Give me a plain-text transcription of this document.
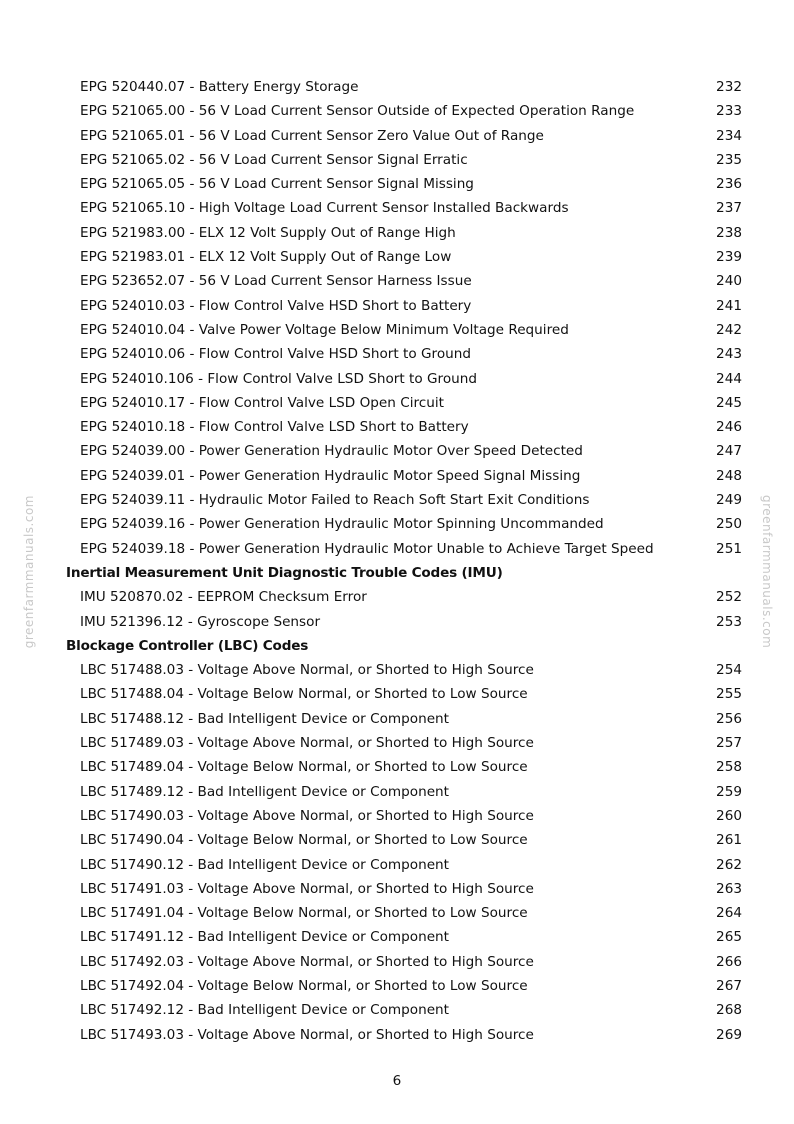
greenfarmmanuals.com	greenfarmmanuals.com
EPG 520440.07 - Battery Energy Storage	232
EPG 521065.00 - 56 V Load Current Sensor Outside of Expected Operation Range	233
EPG 521065.01 - 56 V Load Current Sensor Zero Value Out of Range	234
EPG 521065.02 - 56 V Load Current Sensor Signal Erratic	235
EPG 521065.05 - 56 V Load Current Sensor Signal Missing	236
EPG 521065.10 - High Voltage Load Current Sensor Installed Backwards	237
EPG 521983.00 - ELX 12 Volt Supply Out of Range High	238
EPG 521983.01 - ELX 12 Volt Supply Out of Range Low	239
EPG 523652.07 - 56 V Load Current Sensor Harness Issue	240
EPG 524010.03 - Flow Control Valve HSD Short to Battery	241
EPG 524010.04 - Valve Power Voltage Below Minimum Voltage Required	242
EPG 524010.06 - Flow Control Valve HSD Short to Ground	243
EPG 524010.106 - Flow Control Valve LSD Short to Ground	244
EPG 524010.17 - Flow Control Valve LSD Open Circuit	245
EPG 524010.18 - Flow Control Valve LSD Short to Battery	246
EPG 524039.00 - Power Generation Hydraulic Motor Over Speed Detected	247
EPG 524039.01 - Power Generation Hydraulic Motor Speed Signal Missing	248
EPG 524039.11 - Hydraulic Motor Failed to Reach Soft Start Exit Conditions	249
EPG 524039.16 - Power Generation Hydraulic Motor Spinning Uncommanded	250
EPG 524039.18 - Power Generation Hydraulic Motor Unable to Achieve Target Speed	251
Inertial Measurement Unit Diagnostic Trouble Codes (IMU)
IMU 520870.02 - EEPROM Checksum Error	252
IMU 521396.12 - Gyroscope Sensor	253
Blockage Controller (LBC) Codes
LBC 517488.03 - Voltage Above Normal, or Shorted to High Source	254
LBC 517488.04 - Voltage Below Normal, or Shorted to Low Source	255
LBC 517488.12 - Bad Intelligent Device or Component	256
LBC 517489.03 - Voltage Above Normal, or Shorted to High Source	257
LBC 517489.04 - Voltage Below Normal, or Shorted to Low Source	258
LBC 517489.12 - Bad Intelligent Device or Component	259
LBC 517490.03 - Voltage Above Normal, or Shorted to High Source	260
LBC 517490.04 - Voltage Below Normal, or Shorted to Low Source	261
LBC 517490.12 - Bad Intelligent Device or Component	262
LBC 517491.03 - Voltage Above Normal, or Shorted to High Source	263
LBC 517491.04 - Voltage Below Normal, or Shorted to Low Source	264
LBC 517491.12 - Bad Intelligent Device or Component	265
LBC 517492.03 - Voltage Above Normal, or Shorted to High Source	266
LBC 517492.04 - Voltage Below Normal, or Shorted to Low Source	267
LBC 517492.12 - Bad Intelligent Device or Component	268
LBC 517493.03 - Voltage Above Normal, or Shorted to High Source	269
6
